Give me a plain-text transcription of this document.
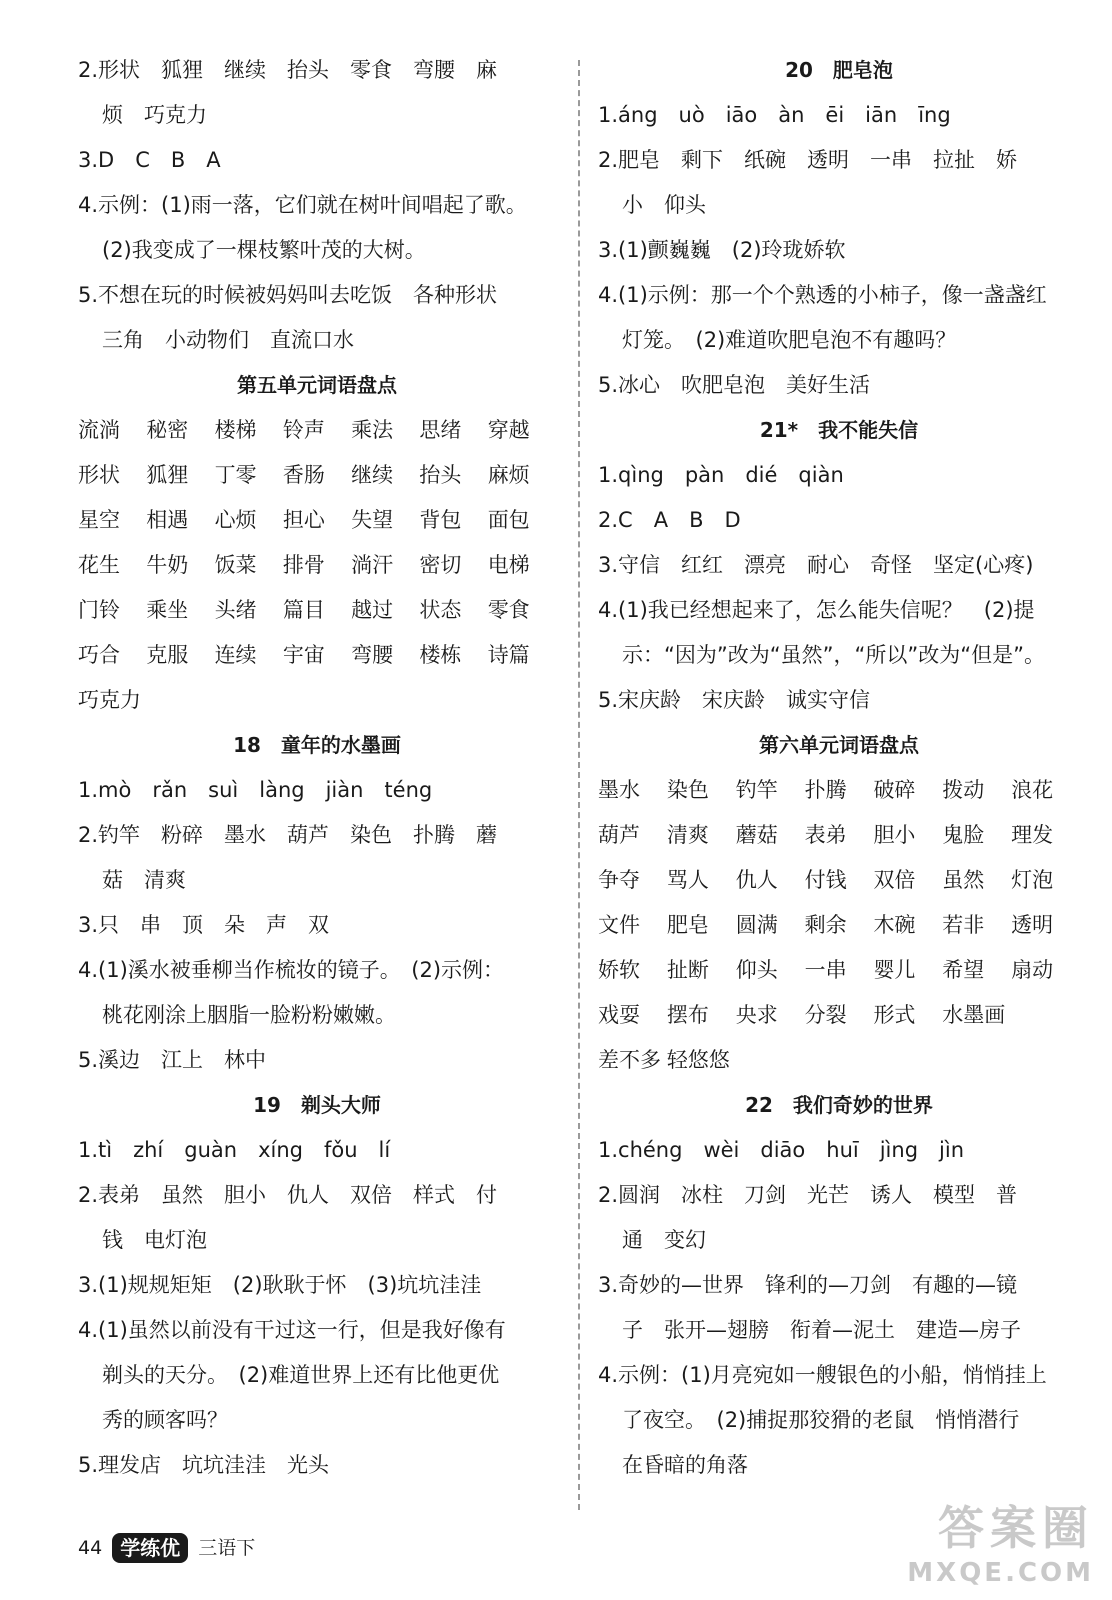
2.形状　狐狸　继续　抬头　零食　弯腰　麻
烦　巧克力
3.D　C　B　A
4.示例：(1)雨一落，它们就在树叶间唱起了歌。
(2)我变成了一棵枝繁叶茂的大树。
5.不想在玩的时候被妈妈叫去吃饭　各种形状
三角　小动物们　直流口水
第五单元词语盘点
流淌	秘密	楼梯	铃声	乘法	思绪	穿越
形状	狐狸	丁零	香肠	继续	抬头	麻烦
星空	相遇	心烦	担心	失望	背包	面包
花生	牛奶	饭菜	排骨	淌汗	密切	电梯
门铃	乘坐	头绪	篇目	越过	状态	零食
巧合	克服	连续	宇宙	弯腰	楼栋	诗篇
巧克力
18　童年的水墨画
1.mò　rǎn　suì　làng　jiàn　téng
2.钓竿　粉碎　墨水　葫芦　染色　扑腾　蘑
菇　清爽
3.只　串　顶　朵　声　双
4.(1)溪水被垂柳当作梳妆的镜子。　(2)示例：
桃花刚涂上胭脂一脸粉粉嫩嫩。
5.溪边　江上　林中
19　剃头大师
1.tì　zhí　guàn　xíng　fǒu　lí
2.表弟　虽然　胆小　仇人　双倍　样式　付
钱　电灯泡
3.(1)规规矩矩　(2)耿耿于怀　(3)坑坑洼洼
4.(1)虽然以前没有干过这一行，但是我好像有
剃头的天分。　(2)难道世界上还有比他更优
秀的顾客吗？
5.理发店　坑坑洼洼　光头
20　肥皂泡
1.áng　uò　iāo　àn　ēi　iān　īng
2.肥皂　剩下　纸碗　透明　一串　拉扯　娇
小　仰头
3.(1)颤巍巍　(2)玲珑娇软
4.(1)示例：那一个个熟透的小柿子，像一盏盏红
灯笼。　(2)难道吹肥皂泡不有趣吗？
5.冰心　吹肥皂泡　美好生活
21*　我不能失信
1.qìng　pàn　dié　qiàn
2.C　A　B　D
3.守信　红红　漂亮　耐心　奇怪　坚定(心疼)
4.(1)我已经想起来了，怎么能失信呢？　(2)提
示：“因为”改为“虽然”，“所以”改为“但是”。
5.宋庆龄　宋庆龄　诚实守信
第六单元词语盘点
墨水	染色	钓竿	扑腾	破碎	拨动	浪花
葫芦	清爽	蘑菇	表弟	胆小	鬼脸	理发
争夺	骂人	仇人	付钱	双倍	虽然	灯泡
文件	肥皂	圆满	剩余	木碗	若非	透明
娇软	扯断	仰头	一串	婴儿	希望	扇动
戏耍	摆布	央求	分裂	形式	水墨画
差不多 轻悠悠
22　我们奇妙的世界
1.chéng　wèi　diāo　huī　jìng　jìn
2.圆润　冰柱　刀剑　光芒　诱人　模型　普
通　变幻
3.奇妙的—世界　锋利的—刀剑　有趣的—镜
子　张开—翅膀　衔着—泥土　建造—房子
4.示例：(1)月亮宛如一艘银色的小船，悄悄挂上
了夜空。　(2)捕捉那狡猾的老鼠　悄悄潜行
在昏暗的角落
44 学练优 三语下	答案圈
MXQE.COM
